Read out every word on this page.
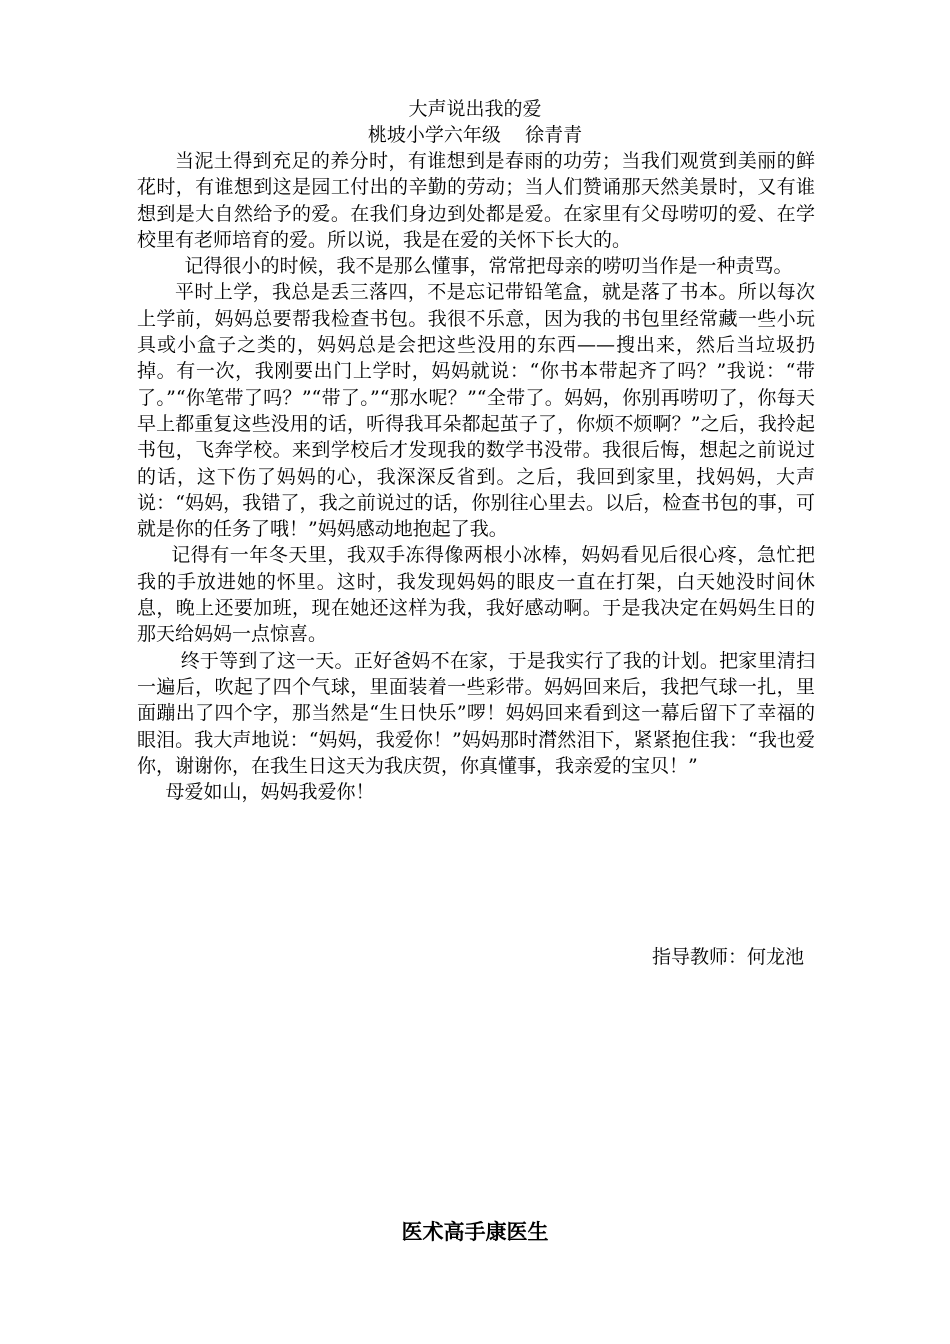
大声说出我的爱
桃坡小学六年级    徐青青

当泥土得到充足的养分时，有谁想到是春雨的功劳；当我们观赏到美丽的鲜花时，有谁想到这是园工付出的辛勤的劳动；当人们赞诵那天然美景时，又有谁想到是大自然给予的爱。在我们身边到处都是爱。在家里有父母唠叨的爱、在学校里有老师培育的爱。所以说，我是在爱的关怀下长大的。

记得很小的时候，我不是那么懂事，常常把母亲的唠叨当作是一种责骂。

平时上学，我总是丢三落四，不是忘记带铅笔盒，就是落了书本。所以每次上学前，妈妈总要帮我检查书包。我很不乐意，因为我的书包里经常藏一些小玩具或小盒子之类的，妈妈总是会把这些没用的东西——搜出来，然后当垃圾扔掉。有一次，我刚要出门上学时，妈妈就说：“你书本带起齐了吗？”我说：“带了。”“你笔带了吗？”“带了。”“那水呢？”“全带了。妈妈，你别再唠叨了，你每天早上都重复这些没用的话，听得我耳朵都起茧子了，你烦不烦啊？”之后，我拎起书包，飞奔学校。来到学校后才发现我的数学书没带。我很后悔，想起之前说过的话，这下伤了妈妈的心，我深深反省到。之后，我回到家里，找妈妈，大声说：“妈妈，我错了，我之前说过的话，你别往心里去。以后，检查书包的事，可就是你的任务了哦！”妈妈感动地抱起了我。

记得有一年冬天里，我双手冻得像两根小冰棒，妈妈看见后很心疼，急忙把我的手放进她的怀里。这时，我发现妈妈的眼皮一直在打架，白天她没时间休息，晚上还要加班，现在她还这样为我，我好感动啊。于是我决定在妈妈生日的那天给妈妈一点惊喜。

终于等到了这一天。正好爸妈不在家，于是我实行了我的计划。把家里清扫一遍后，吹起了四个气球，里面装着一些彩带。妈妈回来后，我把气球一扎，里面蹦出了四个字，那当然是“生日快乐”啰！妈妈回来看到这一幕后留下了幸福的眼泪。我大声地说：“妈妈，我爱你！”妈妈那时潸然泪下，紧紧抱住我：“我也爱你，谢谢你，在我生日这天为我庆贺，你真懂事，我亲爱的宝贝！”

母爱如山，妈妈我爱你！

指导教师：何龙池
医术高手康医生
